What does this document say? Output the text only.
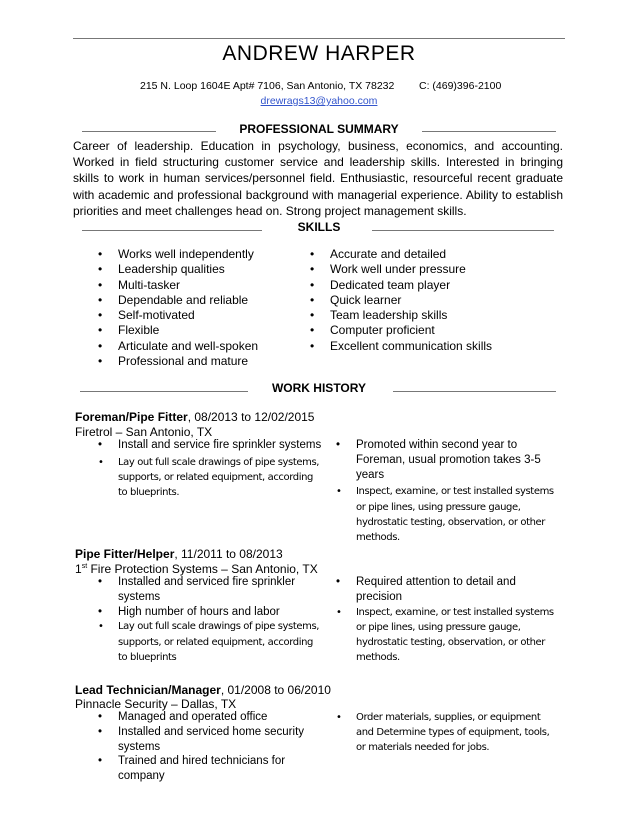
ANDREW HARPER
215 N. Loop 1604E Apt# 7106, San Antonio, TX 78232 C: (469)396-2100
drewrags13@yahoo.com
PROFESSIONAL SUMMARY
Career of leadership. Education in psychology, business, economics, and accounting. Worked in field structuring customer service and leadership skills. Interested in bringing skills to work in human services/personnel field. Enthusiastic, resourceful recent graduate with academic and professional background with managerial experience. Ability to establish priorities and meet challenges head on. Strong project management skills.
SKILLS
• Works well independently
• Leadership qualities
• Multi-tasker
• Dependable and reliable
• Self-motivated
• Flexible
• Articulate and well-spoken
• Professional and mature
• Accurate and detailed
• Work well under pressure
• Dedicated team player
• Quick learner
• Team leadership skills
• Computer proficient
• Excellent communication skills
WORK HISTORY
Foreman/Pipe Fitter, 08/2013 to 12/02/2015
Firetrol – San Antonio, TX
• Install and service fire sprinkler systems
• Lay out full scale drawings of pipe systems, supports, or related equipment, according to blueprints.
• Promoted within second year to Foreman, usual promotion takes 3-5 years
• Inspect, examine, or test installed systems or pipe lines, using pressure gauge, hydrostatic testing, observation, or other methods.
Pipe Fitter/Helper, 11/2011 to 08/2013
1st Fire Protection Systems – San Antonio, TX
• Installed and serviced fire sprinkler systems
• High number of hours and labor
• Lay out full scale drawings of pipe systems, supports, or related equipment, according to blueprints
• Required attention to detail and precision
• Inspect, examine, or test installed systems or pipe lines, using pressure gauge, hydrostatic testing, observation, or other methods.
Lead Technician/Manager, 01/2008 to 06/2010
Pinnacle Security – Dallas, TX
• Managed and operated office
• Installed and serviced home security systems
• Trained and hired technicians for company
• Order materials, supplies, or equipment and Determine types of equipment, tools, or materials needed for jobs.
